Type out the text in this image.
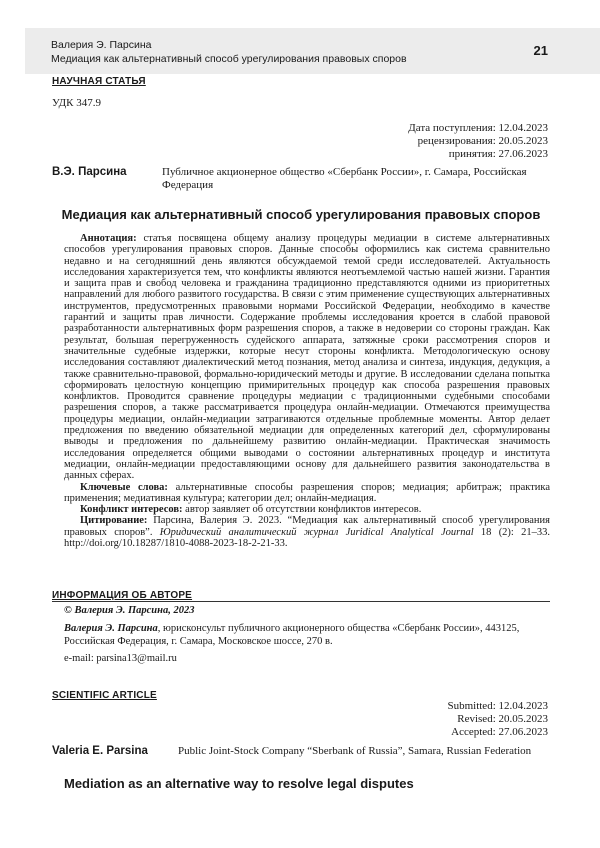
Валерия Э. Парсина
Медиация как альтернативный способ урегулирования правовых споров
21
НАУЧНАЯ СТАТЬЯ
УДК 347.9
Дата поступления: 12.04.2023
рецензирования: 20.05.2023
принятия: 27.06.2023
В.Э. Парсина	Публичное акционерное общество «Сбербанк России», г. Самара, Российская Федерация
Медиация как альтернативный способ урегулирования правовых споров

Аннотация: статья посвящена общему анализу процедуры медиации в системе альтернативных способов урегулирования правовых споров. Данные способы оформились как система сравнительно недавно и на сегодняшний день являются обсуждаемой темой среди исследователей. Актуальность исследования характеризуется тем, что конфликты являются неотъемлемой частью нашей жизни. Гарантия и защита прав и свобод человека и гражданина традиционно представляются одними из приоритетных направлений для любого развитого государства. В связи с этим применение существующих альтернативных инструментов, предусмотренных правовыми нормами Российской Федерации, необходимо в качестве гарантий и защиты прав личности. Содержание проблемы исследования кроется в слабой правовой разработанности альтернативных форм разрешения споров, а также в недоверии со стороны граждан. Как результат, большая перегруженность судейского аппарата, затяжные сроки рассмотрения споров и значительные судебные издержки, которые несут стороны конфликта. Методологическую основу исследования составляют диалектический метод познания, метод анализа и синтеза, индукция, дедукция, а также сравнительно-правовой, формально-юридический методы и другие. В исследовании сделана попытка сформировать целостную концепцию примирительных процедур как способа разрешения правовых конфликтов. Проводится сравнение процедуры медиации с традиционными судебными способами разрешения споров, а также рассматривается процедура онлайн-медиации. Отмечаются преимущества процедуры медиации, онлайн-медиации затрагиваются отдельные проблемные моменты. Автор делает предложения по введению обязательной медиации для определенных категорий дел, сформулированы выводы и предложения по дальнейшему развитию онлайн-медиации. Практическая значимость исследования определяется общими выводами о состоянии альтернативных процедур и института медиации, онлайн-медиации предоставляющими основу для дальнейшего развития законодательства в данных сферах.

Ключевые слова: альтернативные способы разрешения споров; медиация; арбитраж; практика применения; медиативная культура; категории дел; онлайн-медиация.

Конфликт интересов: автор заявляет об отсутствии конфликтов интересов.

Цитирование: Парсина, Валерия Э. 2023. “Медиация как альтернативный способ урегулирования правовых споров”. Юридический аналитический журнал Juridical Analytical Journal 18 (2): 21–33. http://doi.org/10.18287/1810-4088-2023-18-2-21-33.

ИНФОРМАЦИЯ ОБ АВТОРЕ
© Валерия Э. Парсина, 2023
Валерия Э. Парсина, юрисконсульт публичного акционерного общества «Сбербанк России», 443125, Российская Федерация, г. Самара, Московское шоссе, 270 в.
e-mail: parsina13@mail.ru
SCIENTIFIC ARTICLE
Submitted: 12.04.2023
Revised: 20.05.2023
Accepted: 27.06.2023
Valeria E. Parsina	Public Joint-Stock Company “Sberbank of Russia”, Samara, Russian Federation
Mediation as an alternative way to resolve legal disputes
